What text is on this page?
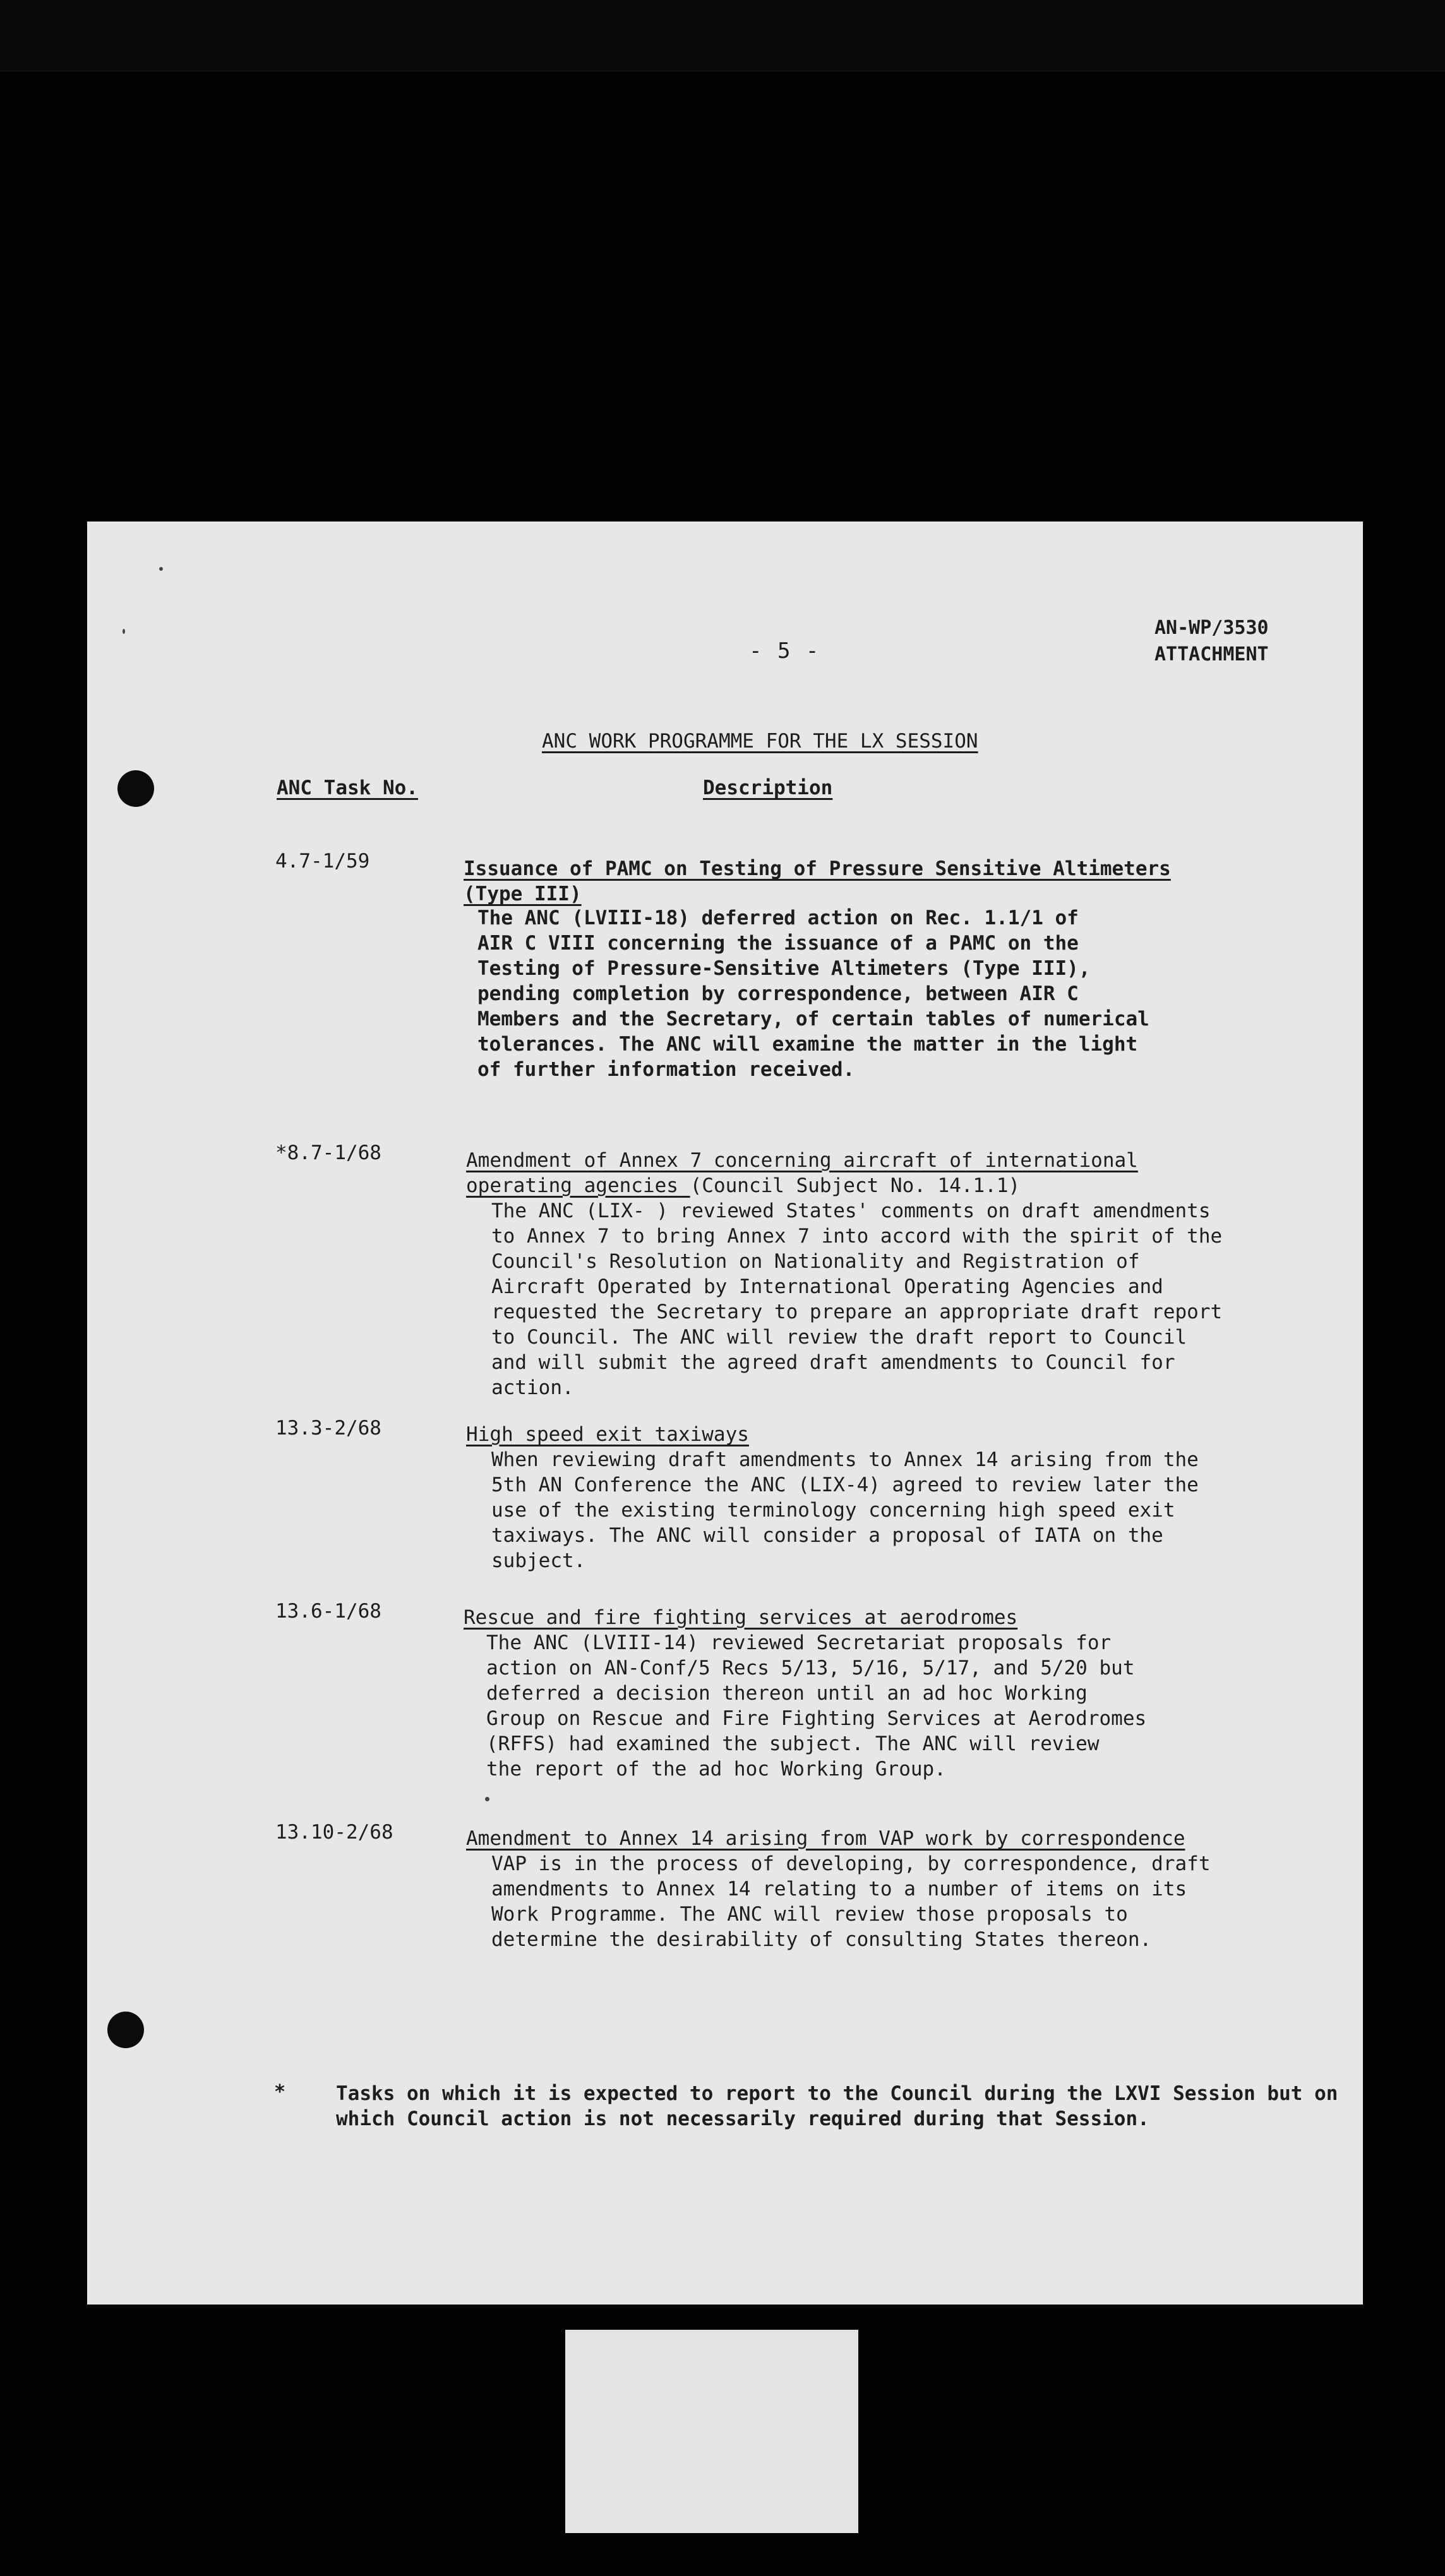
- 5 -
AN-WP/3530
ATTACHMENT
ANC WORK PROGRAMME FOR THE LX SESSION
ANC Task No.	Description
4.7-1/59	Issuance of PAMC on Testing of Pressure Sensitive Altimeters
(Type III)
The ANC (LVIII-18) deferred action on Rec. 1.1/1 of
AIR C VIII concerning the issuance of a PAMC on the
Testing of Pressure-Sensitive Altimeters (Type III),
pending completion by correspondence, between AIR C
Members and the Secretary, of certain tables of numerical
tolerances. The ANC will examine the matter in the light
of further information received.
*8.7-1/68	Amendment of Annex 7 concerning aircraft of international
operating agencies (Council Subject No. 14.1.1)
The ANC (LIX- ) reviewed States' comments on draft amendments
to Annex 7 to bring Annex 7 into accord with the spirit of the
Council's Resolution on Nationality and Registration of
Aircraft Operated by International Operating Agencies and
requested the Secretary to prepare an appropriate draft report
to Council. The ANC will review the draft report to Council
and will submit the agreed draft amendments to Council for
action.
13.3-2/68	High speed exit taxiways
When reviewing draft amendments to Annex 14 arising from the
5th AN Conference the ANC (LIX-4) agreed to review later the
use of the existing terminology concerning high speed exit
taxiways. The ANC will consider a proposal of IATA on the
subject.
13.6-1/68	Rescue and fire fighting services at aerodromes
The ANC (LVIII-14) reviewed Secretariat proposals for
action on AN-Conf/5 Recs 5/13, 5/16, 5/17, and 5/20 but
deferred a decision thereon until an ad hoc Working
Group on Rescue and Fire Fighting Services at Aerodromes
(RFFS) had examined the subject. The ANC will review
the report of the ad hoc Working Group.
13.10-2/68	Amendment to Annex 14 arising from VAP work by correspondence
VAP is in the process of developing, by correspondence, draft
amendments to Annex 14 relating to a number of items on its
Work Programme. The ANC will review those proposals to
determine the desirability of consulting States thereon.
*	Tasks on which it is expected to report to the Council during the LXVI Session but on which Council action is not necessarily required during that Session.
